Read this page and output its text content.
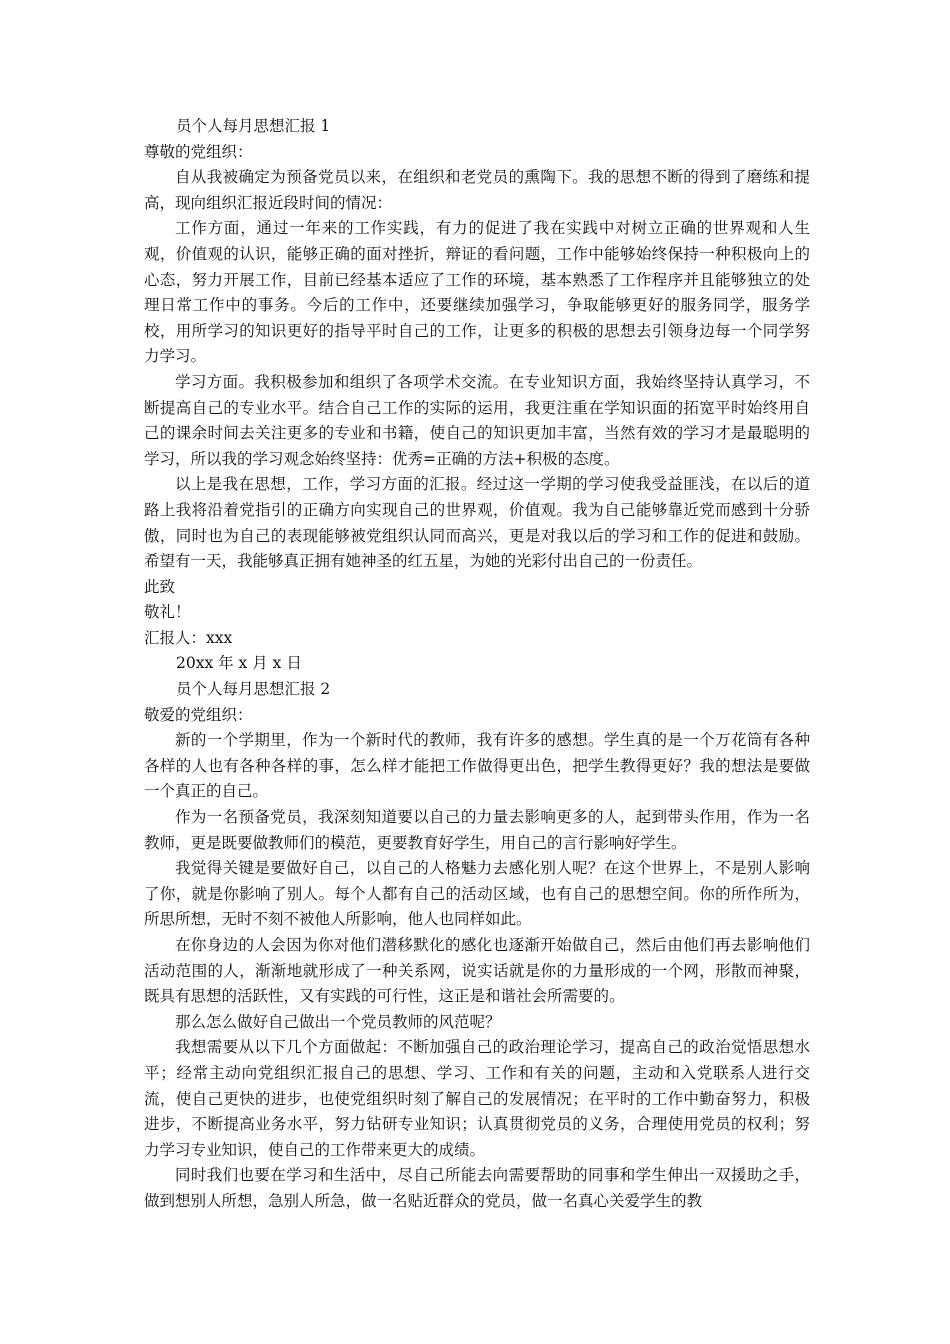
员个人每月思想汇报 1

尊敬的党组织：

自从我被确定为预备党员以来，在组织和老党员的熏陶下。我的思想不断的得到了磨练和提高，现向组织汇报近段时间的情况：

工作方面，通过一年来的工作实践，有力的促进了我在实践中对树立正确的世界观和人生观，价值观的认识，能够正确的面对挫折，辩证的看问题，工作中能够始终保持一种积极向上的心态，努力开展工作，目前已经基本适应了工作的环境，基本熟悉了工作程序并且能够独立的处理日常工作中的事务。今后的工作中，还要继续加强学习，争取能够更好的服务同学，服务学校，用所学习的知识更好的指导平时自己的工作，让更多的积极的思想去引领身边每一个同学努力学习。

学习方面。我积极参加和组织了各项学术交流。在专业知识方面，我始终坚持认真学习，不断提高自己的专业水平。结合自己工作的实际的运用，我更注重在学知识面的拓宽平时始终用自己的课余时间去关注更多的专业和书籍，使自己的知识更加丰富，当然有效的学习才是最聪明的学习，所以我的学习观念始终坚持：优秀=正确的方法+积极的态度。

以上是我在思想，工作，学习方面的汇报。经过这一学期的学习使我受益匪浅，在以后的道路上我将沿着党指引的正确方向实现自己的世界观，价值观。我为自己能够靠近党而感到十分骄傲，同时也为自己的表现能够被党组织认同而高兴，更是对我以后的学习和工作的促进和鼓励。希望有一天，我能够真正拥有她神圣的红五星，为她的光彩付出自己的一份责任。

此致

敬礼！

汇报人：xxx

20xx 年 x 月 x 日

员个人每月思想汇报 2

敬爱的党组织：

新的一个学期里，作为一个新时代的教师，我有许多的感想。学生真的是一个万花筒有各种各样的人也有各种各样的事，怎么样才能把工作做得更出色，把学生教得更好？我的想法是要做一个真正的自己。

作为一名预备党员，我深刻知道要以自己的力量去影响更多的人，起到带头作用，作为一名教师，更是既要做教师们的模范，更要教育好学生，用自己的言行影响好学生。

我觉得关键是要做好自己，以自己的人格魅力去感化别人呢？在这个世界上，不是别人影响了你，就是你影响了别人。每个人都有自己的活动区域，也有自己的思想空间。你的所作所为，所思所想，无时不刻不被他人所影响，他人也同样如此。

在你身边的人会因为你对他们潜移默化的感化也逐渐开始做自己，然后由他们再去影响他们活动范围的人，渐渐地就形成了一种关系网，说实话就是你的力量形成的一个网，形散而神聚，既具有思想的活跃性，又有实践的可行性，这正是和谐社会所需要的。

那么怎么做好自己做出一个党员教师的风范呢？

我想需要从以下几个方面做起：不断加强自己的政治理论学习，提高自己的政治觉悟思想水平；经常主动向党组织汇报自己的思想、学习、工作和有关的问题，主动和入党联系人进行交流，使自己更快的进步，也使党组织时刻了解自己的发展情况；在平时的工作中勤奋努力，积极进步，不断提高业务水平，努力钻研专业知识；认真贯彻党员的义务，合理使用党员的权利；努力学习专业知识，使自己的工作带来更大的成绩。

同时我们也要在学习和生活中，尽自己所能去向需要帮助的同事和学生伸出一双援助之手，做到想别人所想，急别人所急，做一名贴近群众的党员，做一名真心关爱学生的教
